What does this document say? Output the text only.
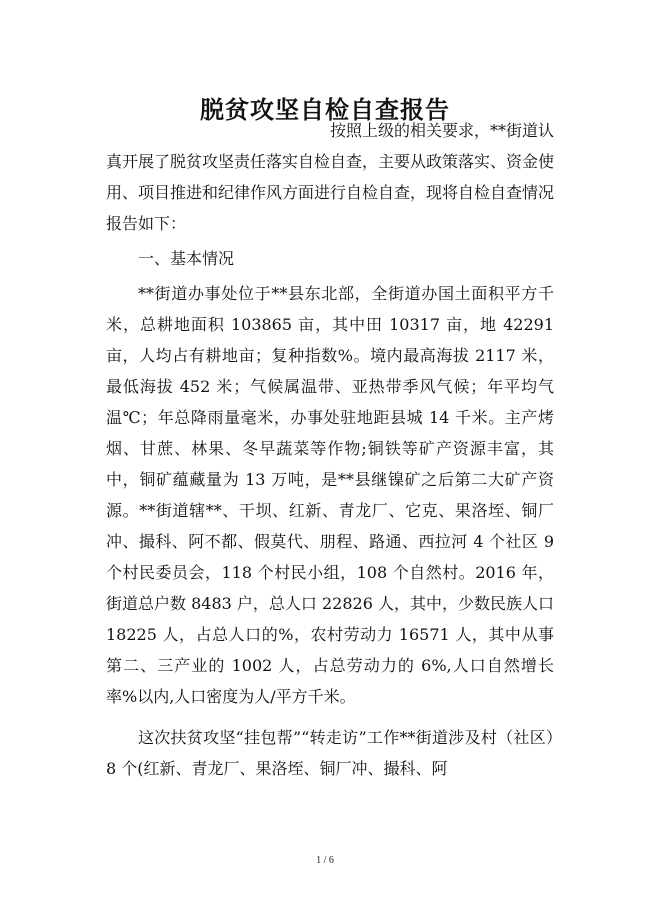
脱贫攻坚自检自查报告

按照上级的相关要求，**街道认
真开展了脱贫攻坚责任落实自检自查，主要从政策落实、资金使用、项目推进和纪律作风方面进行自检自查，现将自检自查情况报告如下：

一、基本情况

**街道办事处位于**县东北部，全街道办国土面积平方千米，总耕地面积 103865 亩，其中田 10317 亩，地 42291 亩，人均占有耕地亩；复种指数%。境内最高海拔 2117 米，最低海拔 452 米；气候属温带、亚热带季风气候；年平均气温℃；年总降雨量毫米，办事处驻地距县城 14 千米。主产烤烟、甘蔗、林果、冬早蔬菜等作物;铜铁等矿产资源丰富，其中，铜矿蕴藏量为 13 万吨，是**县继镍矿之后第二大矿产资源。**街道辖**、干坝、红新、青龙厂、它克、果洛垤、铜厂冲、撮科、阿不都、假莫代、朋程、路通、西拉河 4 个社区 9 个村民委员会，118 个村民小组，108 个自然村。2016 年，街道总户数 8483 户，总人口 22826 人，其中，少数民族人口 18225 人，占总人口的%，农村劳动力 16571 人，其中从事第二、三产业的 1002 人，占总劳动力的 6%,人口自然增长率%以内,人口密度为人/平方千米。

这次扶贫攻坚“挂包帮”“转走访”工作**街道涉及村（社区）8 个(红新、青龙厂、果洛垤、铜厂冲、撮科、阿

1 / 6
